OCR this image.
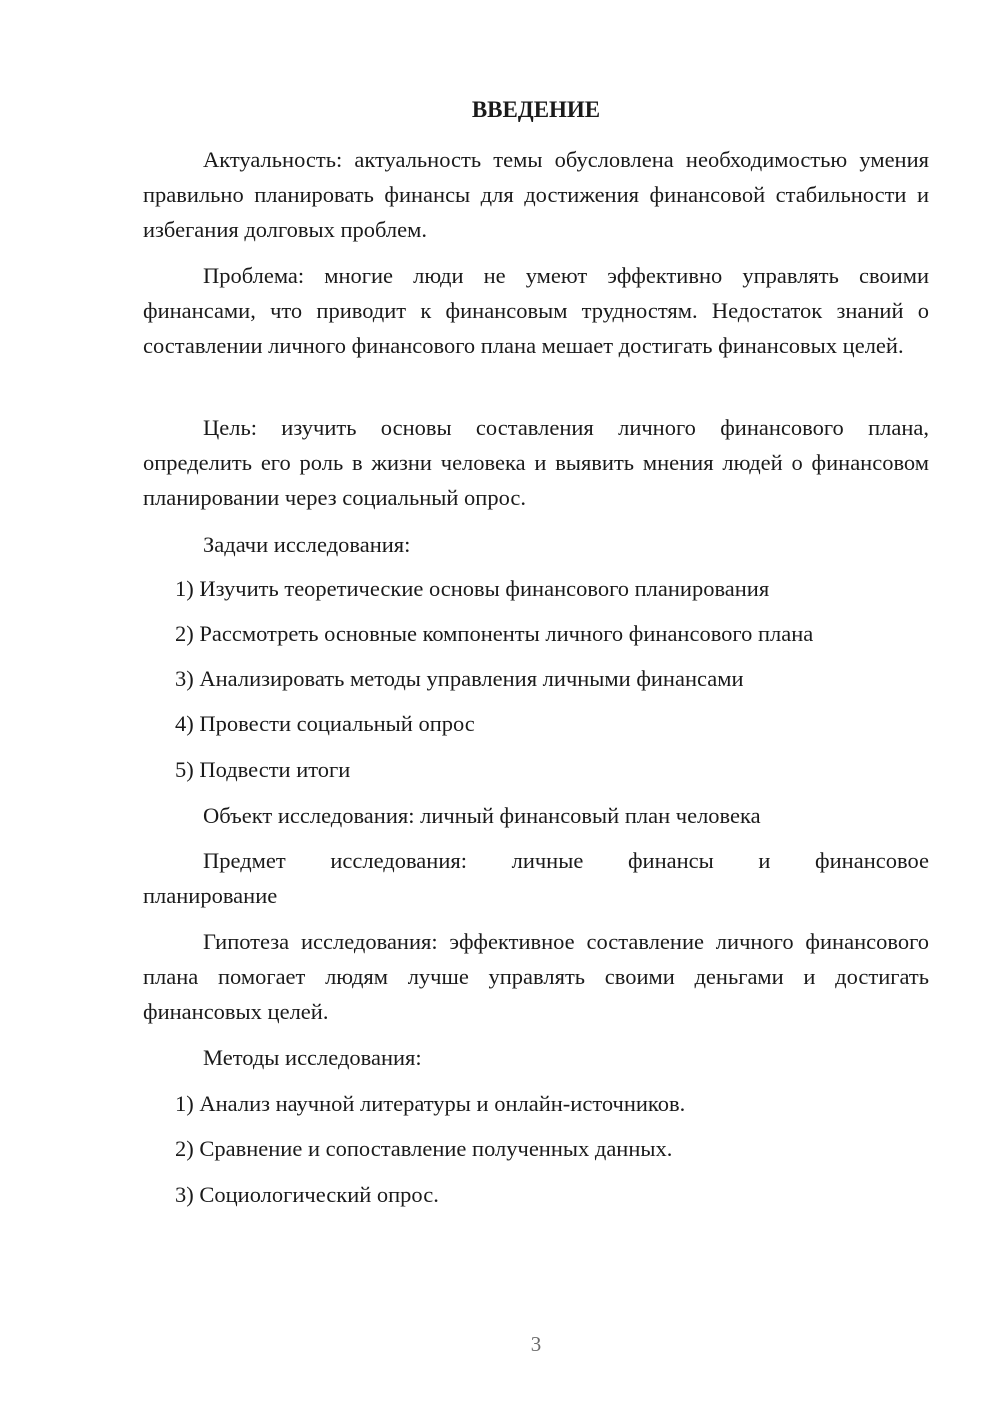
ВВЕДЕНИЕ

Актуальность: актуальность темы обусловлена необходимостью умения правильно планировать финансы для достижения финансовой стабильности и избегания долговых проблем.

Проблема: многие люди не умеют эффективно управлять своими финансами, что приводит к финансовым трудностям. Недостаток знаний о составлении личного финансового плана мешает достигать финансовых целей.

Цель: изучить основы составления личного финансового плана, определить его роль в жизни человека и выявить мнения людей о финансовом планировании через социальный опрос.

Задачи исследования:

1) Изучить теоретические основы финансового планирования

2) Рассмотреть основные компоненты личного финансового плана

3) Анализировать методы управления личными финансами

4) Провести социальный опрос

5) Подвести итоги

Объект исследования: личный финансовый план человека

Предмет исследования: личные финансы и финансовое
планирование

Гипотеза исследования: эффективное составление личного финансового плана помогает людям лучше управлять своими деньгами и достигать финансовых целей.

Методы исследования:

1) Анализ научной литературы и онлайн-источников.

2) Сравнение и сопоставление полученных данных.

3) Социологический опрос.

3
